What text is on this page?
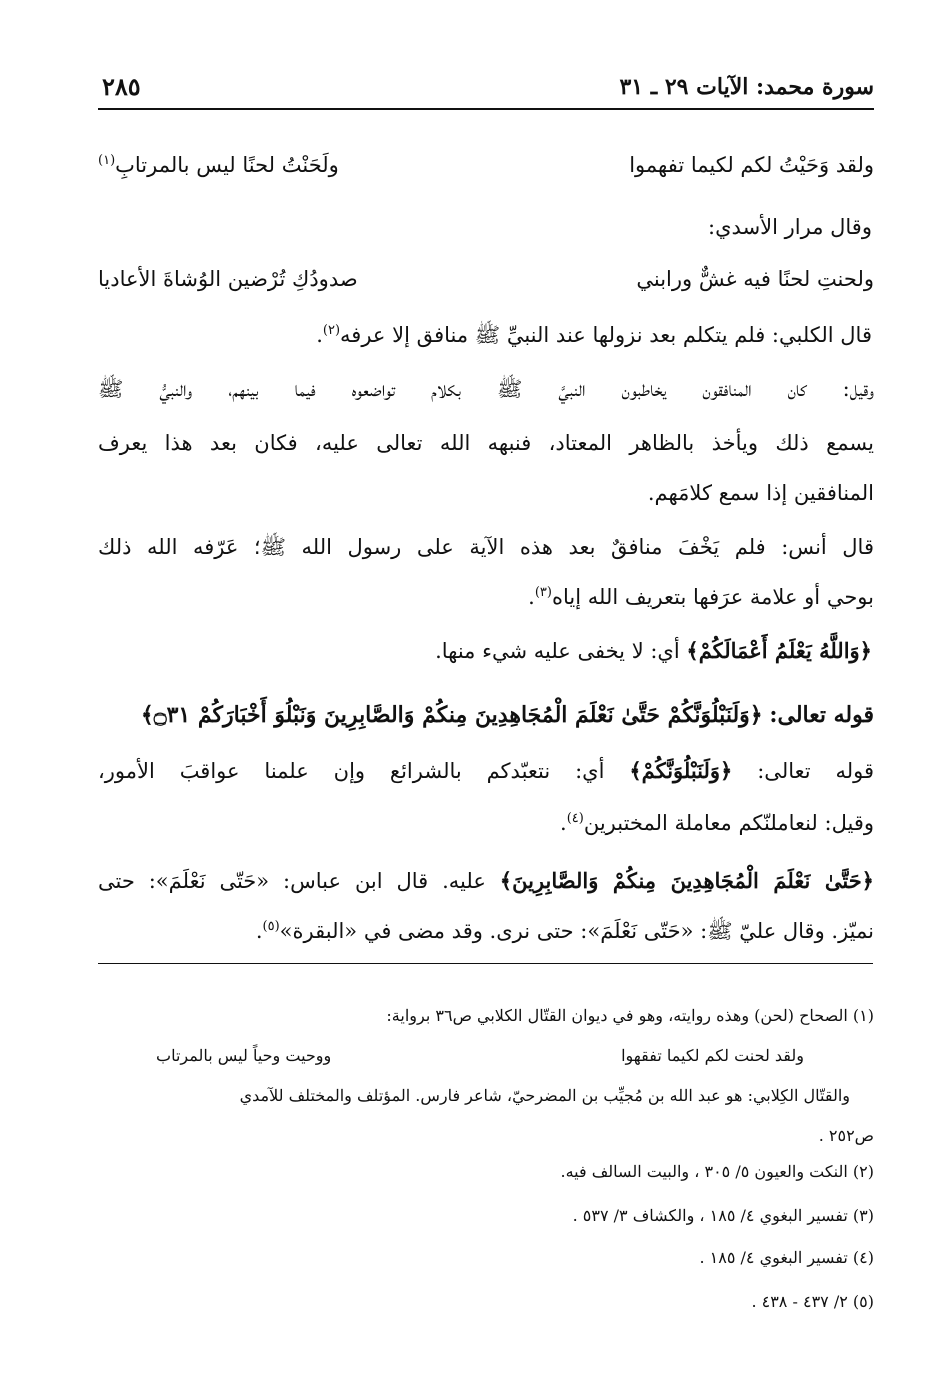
سورة محمد: الآيات ٢٩ ـ ٣١
٢٨٥
ولقد وَحَيْتُ لكم لكيما تفهموا
ولَحَنْتُ لحنًا ليس بالمرتابِ$^{(١)}$
وقال مرار الأسدي:
ولحنتِ لحنًا فيه غشٌّ ورابني
صدودُكِ تُرْضين الوُشاةَ الأعاديا
قال الكلبي: فلم يتكلم بعد نزولها عند النبيِّ ﷺ منافق إلا عرفه$^{(٢)}$.
وقيل: كان المنافقون يخاطبون النبيَّ ﷺ بكلام تواضعوه فيما بينهم، والنبيُّ ﷺ
يسمع ذلك ويأخذ بالظاهر المعتاد، فنبهه الله تعالى عليه، فكان بعد هذا يعرف
المنافقين إذا سمع كلامَهم.
قال أنس: فلم يَخْفَ منافقٌ بعد هذه الآية على رسول الله ﷺ؛ عَرّفه الله ذلك
بوحي أو علامة عرَفها بتعريف الله إياه$^{(٣)}$.
﴿وَاللَّهُ يَعْلَمُ أَعْمَالَكُمْ﴾ أي: لا يخفى عليه شيء منها.
قوله تعالى: ﴿وَلَنَبْلُوَنَّكُمْ حَتَّىٰ نَعْلَمَ الْمُجَاهِدِينَ مِنكُمْ وَالصَّابِرِينَ وَنَبْلُوَ أَخْبَارَكُمْ ۝٣١﴾
قوله تعالى: ﴿وَلَنَبْلُوَنَّكُمْ﴾ أي: نتعبّدكم بالشرائع وإن علمنا عواقبَ الأمور،
وقيل: لنعاملنّكم معاملة المختبرين$^{(٤)}$.
﴿حَتَّىٰ نَعْلَمَ الْمُجَاهِدِينَ مِنكُمْ وَالصَّابِرِينَ﴾ عليه. قال ابن عباس: «حَتّى نَعْلَمَ»: حتى
نميّز. وقال عليّ ﷺ: «حَتّى نَعْلَمَ»: حتى نرى. وقد مضى في «البقرة»$^{(٥)}$.
(١) الصحاح (لحن) وهذه روايته، وهو في ديوان القتّال الكلابي ص٣٦ برواية:
ولقد لحنت لكم لكيما تفقهوا
ووحيت وحياً ليس بالمرتاب
والقتّال الكِلابي: هو عبد الله بن مُجيِّب بن المضرحيّ، شاعر فارس. المؤتلف والمختلف للآمدي
ص٢٥٢ .
(٢) النكت والعيون ٥/ ٣٠٥ ، والبيت السالف فيه.
(٣) تفسير البغوي ٤/ ١٨٥ ، والكشاف ٣/ ٥٣٧ .
(٤) تفسير البغوي ٤/ ١٨٥ .
(٥) ٢/ ٤٣٧ - ٤٣٨ .
